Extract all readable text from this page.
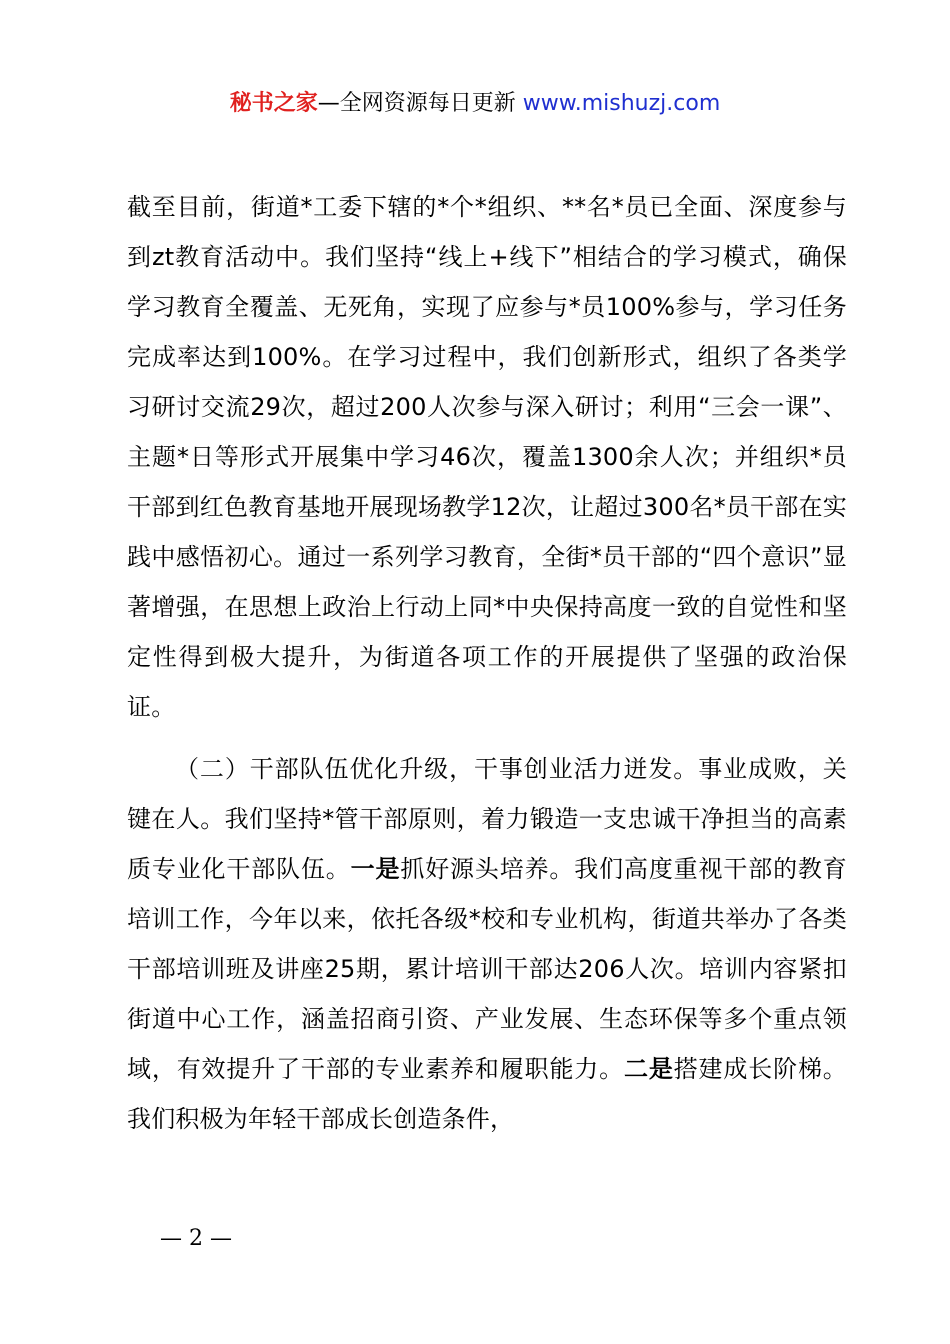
秘书之家—全网资源每日更新 www.mishuzj.com

截至目前，街道*工委下辖的*个*组织、**名*员已全面、深度参与到zt教育活动中。我们坚持“线上+线下”相结合的学习模式，确保学习教育全覆盖、无死角，实现了应参与*员100%参与，学习任务完成率达到100%。在学习过程中，我们创新形式，组织了各类学习研讨交流29次，超过200人次参与深入研讨；利用“三会一课”、主题*日等形式开展集中学习46次，覆盖1300余人次；并组织*员干部到红色教育基地开展现场教学12次，让超过300名*员干部在实践中感悟初心。通过一系列学习教育，全街*员干部的“四个意识”显著增强，在思想上政治上行动上同*中央保持高度一致的自觉性和坚定性得到极大提升，为街道各项工作的开展提供了坚强的政治保证。

（二）干部队伍优化升级，干事创业活力迸发。事业成败，关键在人。我们坚持*管干部原则，着力锻造一支忠诚干净担当的高素质专业化干部队伍。一是抓好源头培养。我们高度重视干部的教育培训工作，今年以来，依托各级*校和专业机构，街道共举办了各类干部培训班及讲座25期，累计培训干部达206人次。培训内容紧扣街道中心工作，涵盖招商引资、产业发展、生态环保等多个重点领域，有效提升了干部的专业素养和履职能力。二是搭建成长阶梯。我们积极为年轻干部成长创造条件，

— 2 —
